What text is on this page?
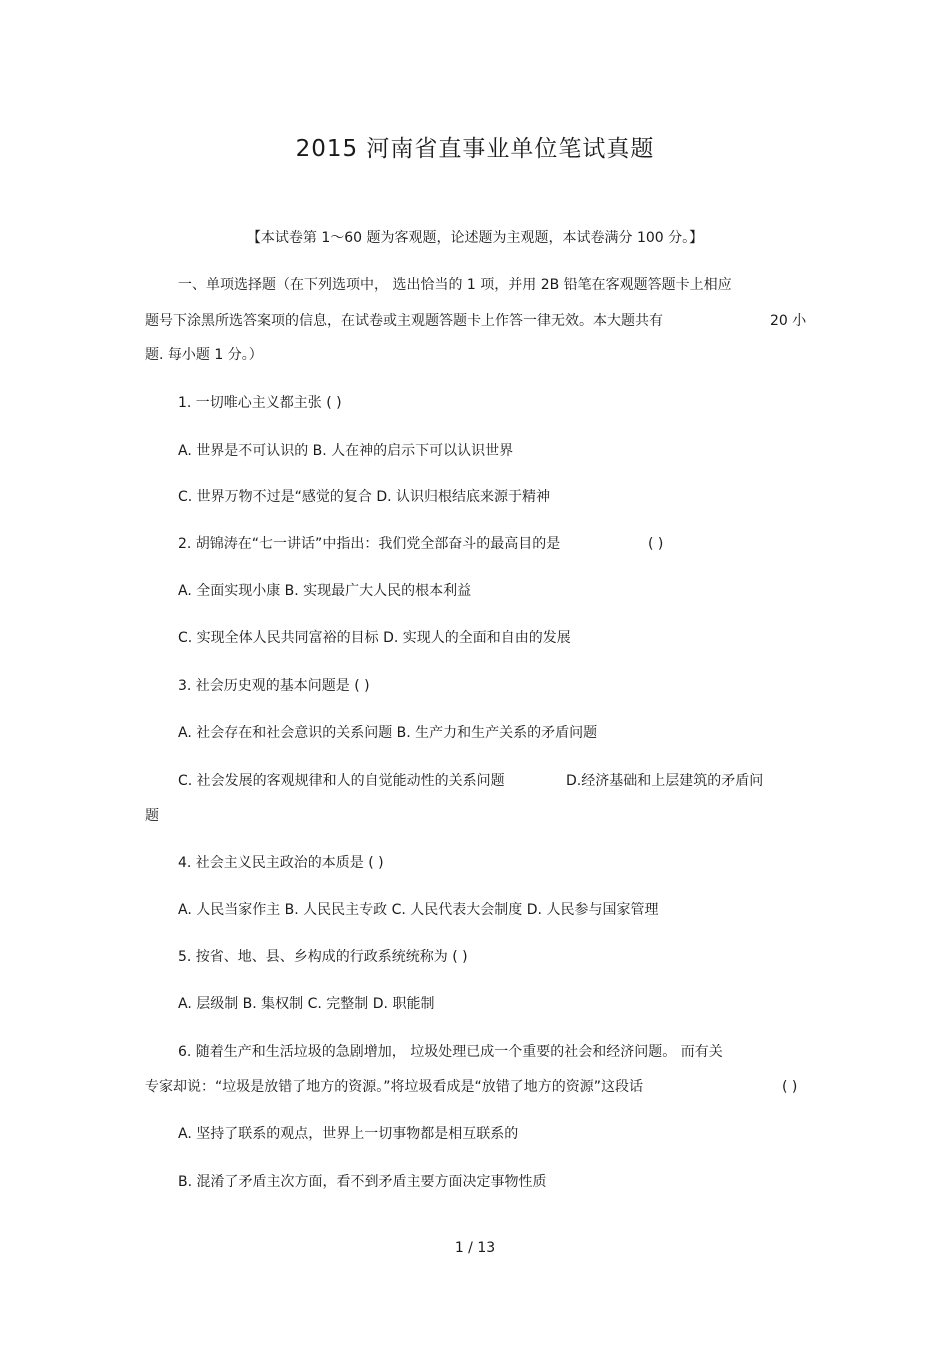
2015 河南省直事业单位笔试真题
【本试卷第 1～60 题为客观题，论述题为主观题，本试卷满分 100 分。】
一、单项选择题（在下列选项中， 选出恰当的 1 项，并用 2B 铅笔在客观题答题卡上相应
题号下涂黑所选答案项的信息，在试卷或主观题答题卡上作答一律无效。本大题共有	20 小
题. 每小题 1 分。）
1. 一切唯心主义都主张 ( )
A. 世界是不可认识的 B. 人在神的启示下可以认识世界
C. 世界万物不过是“感觉的复合 D. 认识归根结底来源于精神
2. 胡锦涛在“七一讲话”中指出：我们党全部奋斗的最高目的是	( )
A. 全面实现小康 B. 实现最广大人民的根本利益
C. 实现全体人民共同富裕的目标 D. 实现人的全面和自由的发展
3. 社会历史观的基本问题是 ( )
A. 社会存在和社会意识的关系问题 B. 生产力和生产关系的矛盾问题
C. 社会发展的客观规律和人的自觉能动性的关系问题	D.经济基础和上层建筑的矛盾问
题
4. 社会主义民主政治的本质是 ( )
A. 人民当家作主 B. 人民民主专政 C. 人民代表大会制度 D. 人民参与国家管理
5. 按省、地、县、乡构成的行政系统统称为 ( )
A. 层级制 B. 集权制 C. 完整制 D. 职能制
6. 随着生产和生活垃圾的急剧增加， 垃圾处理已成一个重要的社会和经济问题。 而有关
专家却说：“垃圾是放错了地方的资源。”将垃圾看成是“放错了地方的资源”这段话	( )
A. 坚持了联系的观点，世界上一切事物都是相互联系的
B. 混淆了矛盾主次方面，看不到矛盾主要方面决定事物性质
1 / 13
